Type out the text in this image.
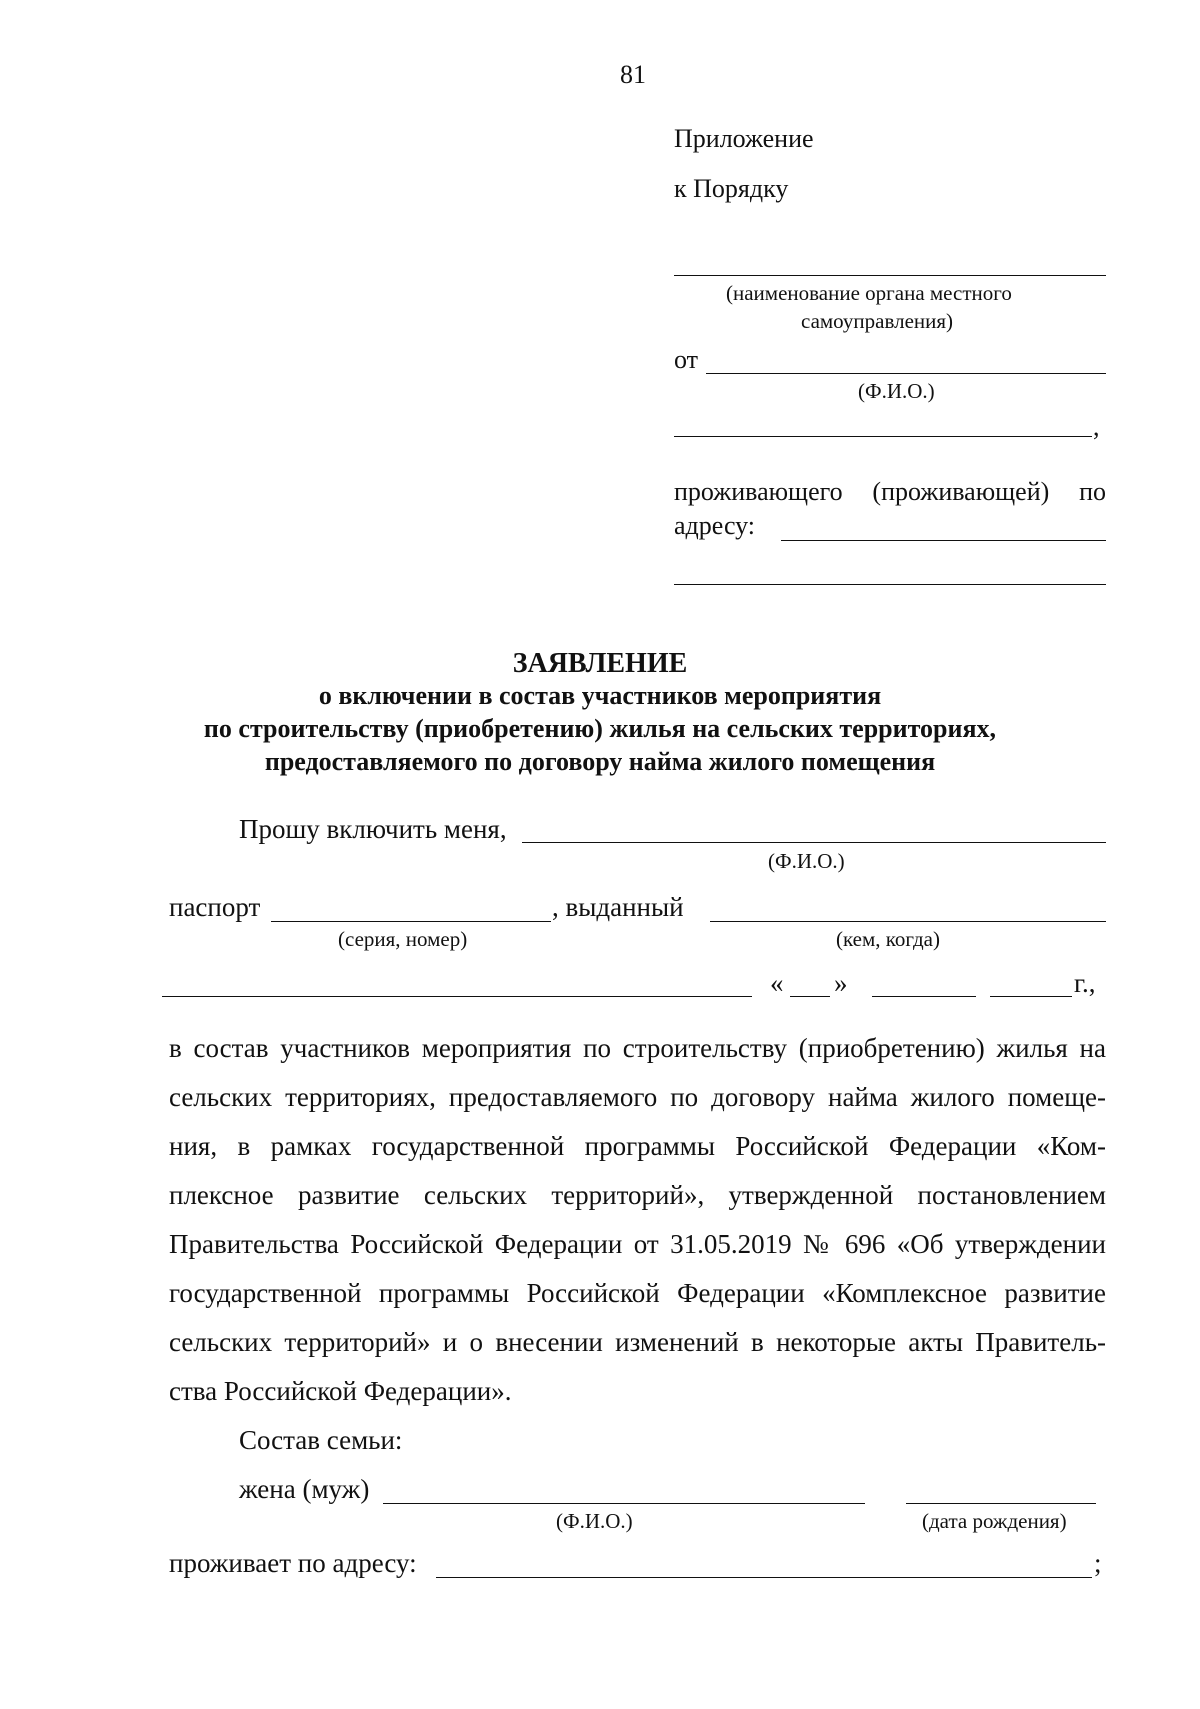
81
Приложение
к Порядку
(наименование органа местного
самоуправления)
от
(Ф.И.О.)
,
проживающего (проживающей) по
адресу:
ЗАЯВЛЕНИЕ
о включении в состав участников мероприятия
по строительству (приобретению) жилья на сельских территориях,
предоставляемого по договору найма жилого помещения
Прошу включить меня,
(Ф.И.О.)
паспорт	, выданный
(серия, номер)	(кем, когда)
« »	г.,
в состав участников мероприятия по строительству (приобретению) жилья на
сельских территориях, предоставляемого по договору найма жилого помеще-
ния, в рамках государственной программы Российской Федерации «Ком-
плексное развитие сельских территорий», утвержденной постановлением
Правительства Российской Федерации от 31.05.2019 № 696 «Об утверждении
государственной программы Российской Федерации «Комплексное развитие
сельских территорий» и о внесении изменений в некоторые акты Правитель-
ства Российской Федерации».
Состав семьи:
жена (муж)
(Ф.И.О.)	(дата рождения)
проживает по адресу:	;
